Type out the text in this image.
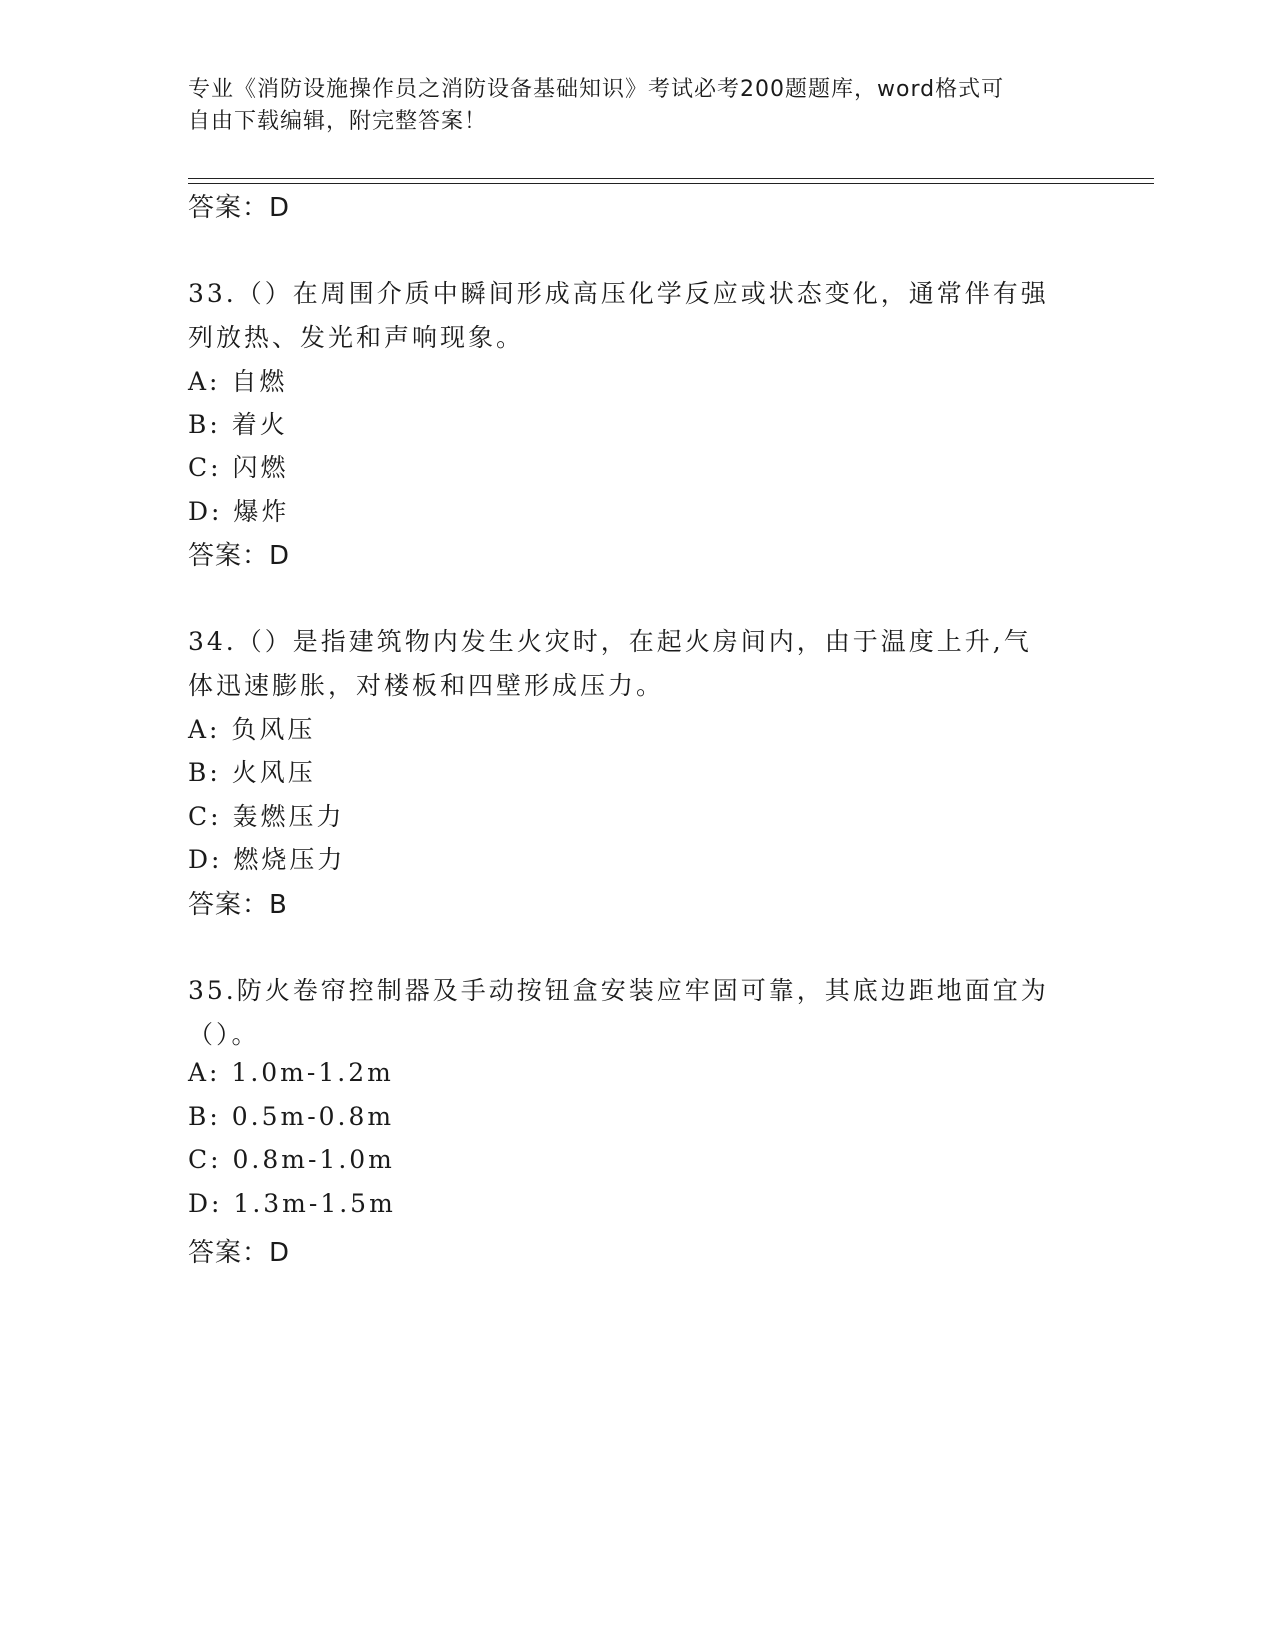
专业《消防设施操作员之消防设备基础知识》考试必考200题题库，word格式可
自由下载编辑，附完整答案！
答案：D
33.（）在周围介质中瞬间形成高压化学反应或状态变化，通常伴有强
列放热、发光和声响现象。
A: 自燃
B: 着火
C: 闪燃
D: 爆炸
答案：D
34.（）是指建筑物内发生火灾时，在起火房间内，由于温度上升,气
体迅速膨胀，对楼板和四壁形成压力。
A: 负风压
B: 火风压
C: 轰燃压力
D: 燃烧压力
答案：B
35.防火卷帘控制器及手动按钮盒安装应牢固可靠，其底边距地面宜为
（）。
A: 1.0m-1.2m
B: 0.5m-0.8m
C: 0.8m-1.0m
D: 1.3m-1.5m
答案：D
